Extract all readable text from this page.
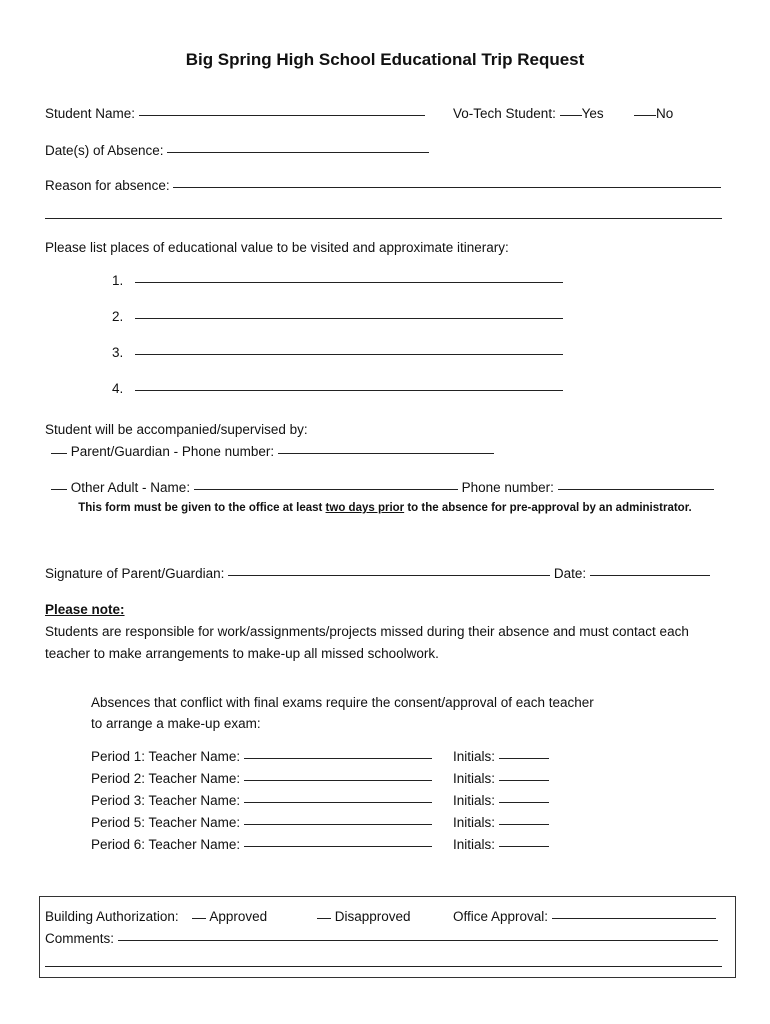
Big Spring High School Educational Trip Request
Student Name:	Vo-Tech Student: Yes	No
Date(s) of Absence:
Reason for absence:
Please list places of educational value to be visited and approximate itinerary:
1.
2.
3.
4.
Student will be accompanied/supervised by:
Parent/Guardian - Phone number:
Other Adult - Name:	Phone number:
This form must be given to the office at least two days prior to the absence for pre-approval by an administrator.
Signature of Parent/Guardian:	Date:
Please note:
Students are responsible for work/assignments/projects missed during their absence and must contact each
teacher to make arrangements to make-up all missed schoolwork.
Absences that conflict with final exams require the consent/approval of each teacher
to arrange a make-up exam:
Period 1: Teacher Name:	Initials:
Period 2: Teacher Name:	Initials:
Period 3: Teacher Name:	Initials:
Period 5: Teacher Name:	Initials:
Period 6: Teacher Name:	Initials:
Building Authorization: Approved	Disapproved	Office Approval:
Comments:
